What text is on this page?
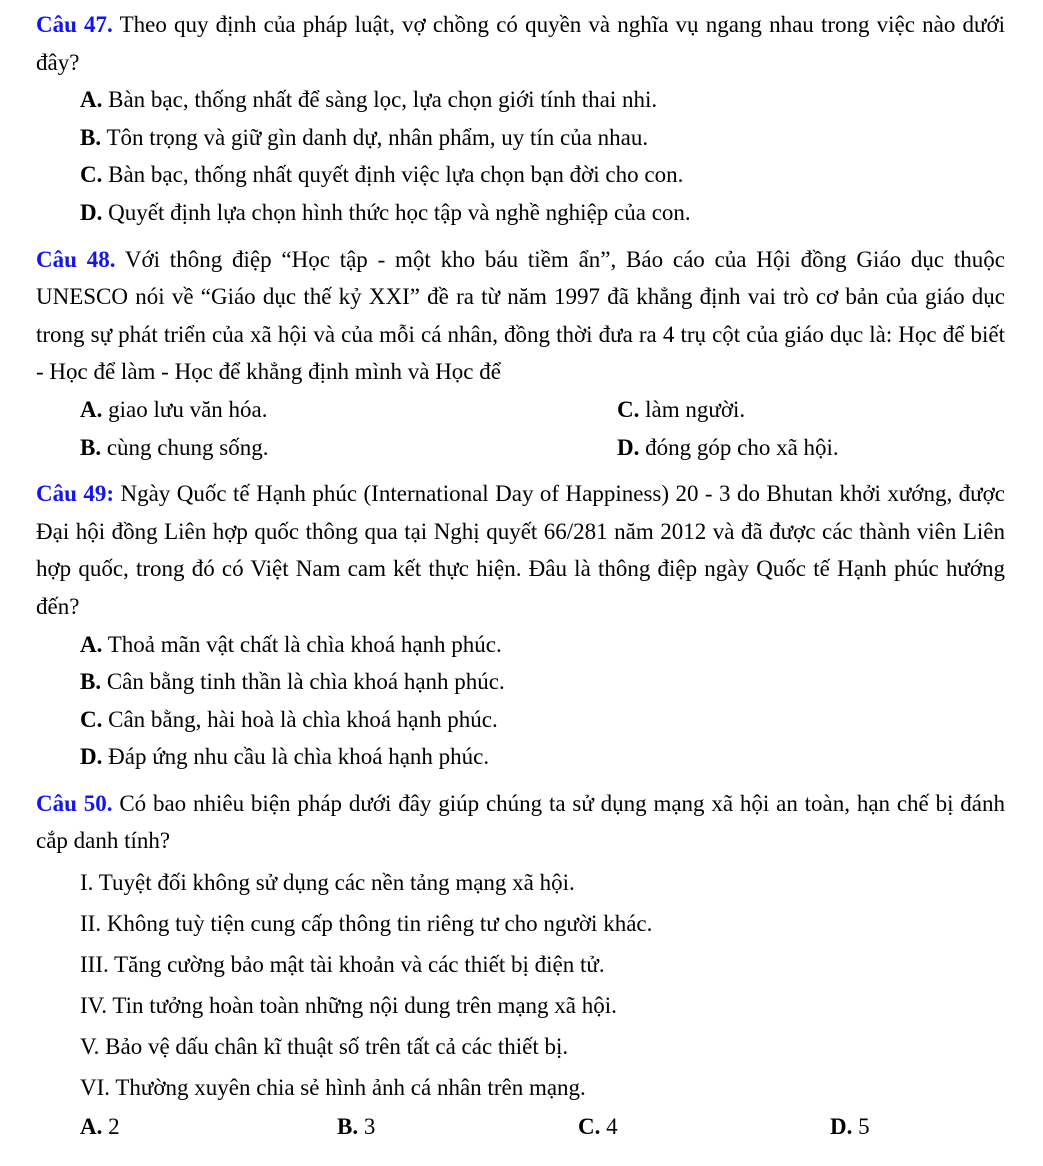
Câu 47. Theo quy định của pháp luật, vợ chồng có quyền và nghĩa vụ ngang nhau trong việc nào dưới đây?

A. Bàn bạc, thống nhất để sàng lọc, lựa chọn giới tính thai nhi.
B. Tôn trọng và giữ gìn danh dự, nhân phẩm, uy tín của nhau.
C. Bàn bạc, thống nhất quyết định việc lựa chọn bạn đời cho con.
D. Quyết định lựa chọn hình thức học tập và nghề nghiệp của con.

Câu 48. Với thông điệp “Học tập - một kho báu tiềm ẩn”, Báo cáo của Hội đồng Giáo dục thuộc UNESCO nói về “Giáo dục thế kỷ XXI” đề ra từ năm 1997 đã khẳng định vai trò cơ bản của giáo dục trong sự phát triển của xã hội và của mỗi cá nhân, đồng thời đưa ra 4 trụ cột của giáo dục là: Học để biết - Học để làm - Học để khẳng định mình và Học để

A. giao lưu văn hóa.	C. làm người.
B. cùng chung sống.	D. đóng góp cho xã hội.

Câu 49: Ngày Quốc tế Hạnh phúc (International Day of Happiness) 20 - 3 do Bhutan khởi xướng, được Đại hội đồng Liên hợp quốc thông qua tại Nghị quyết 66/281 năm 2012 và đã được các thành viên Liên hợp quốc, trong đó có Việt Nam cam kết thực hiện. Đâu là thông điệp ngày Quốc tế Hạnh phúc hướng đến?

A. Thoả mãn vật chất là chìa khoá hạnh phúc.
B. Cân bằng tinh thần là chìa khoá hạnh phúc.
C. Cân bằng, hài hoà là chìa khoá hạnh phúc.
D. Đáp ứng nhu cầu là chìa khoá hạnh phúc.

Câu 50. Có bao nhiêu biện pháp dưới đây giúp chúng ta sử dụng mạng xã hội an toàn, hạn chế bị đánh cắp danh tính?

I. Tuyệt đối không sử dụng các nền tảng mạng xã hội.
II. Không tuỳ tiện cung cấp thông tin riêng tư cho người khác.
III. Tăng cường bảo mật tài khoản và các thiết bị điện tử.
IV. Tin tưởng hoàn toàn những nội dung trên mạng xã hội.
V. Bảo vệ dấu chân kĩ thuật số trên tất cả các thiết bị.
VI. Thường xuyên chia sẻ hình ảnh cá nhân trên mạng.
A. 2	B. 3	C. 4	D. 5
